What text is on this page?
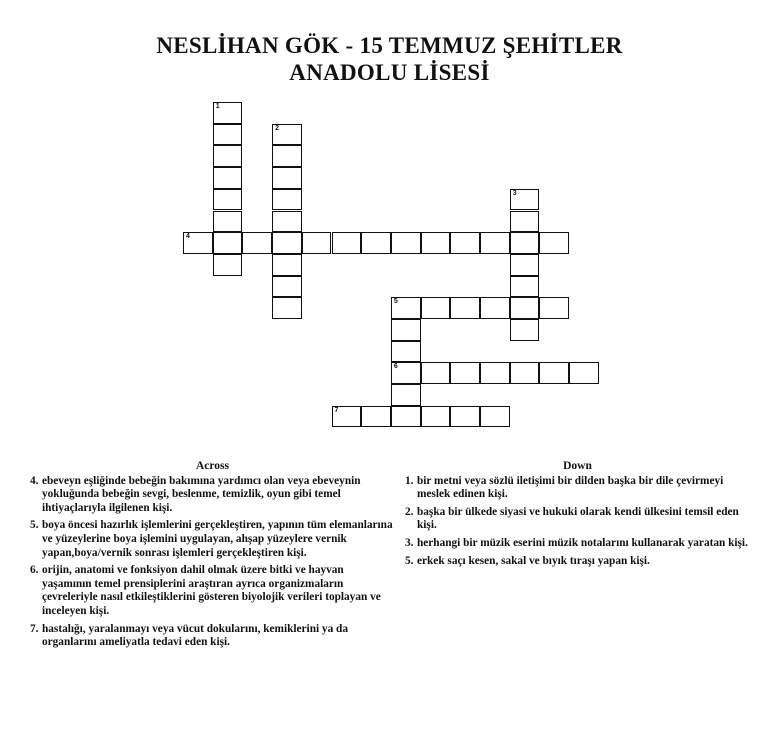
NESLİHAN GÖK - 15 TEMMUZ ŞEHİTLER
ANADOLU LİSESİ
1
2
3
4
5
6
7
Across
4. ebeveyn eşliğinde bebeğin bakımına yardımcı olan veya ebeveynin yokluğunda bebeğin sevgi, beslenme, temizlik, oyun gibi temel ihtiyaçlarıyla ilgilenen kişi.
5. boya öncesi hazırlık işlemlerini gerçekleştiren, yapının tüm elemanlarına ve yüzeylerine boya işlemini uygulayan, ahşap yüzeylere vernik yapan,boya/vernik sonrası işlemleri gerçekleştiren kişi.
6. orijin, anatomi ve fonksiyon dahil olmak üzere bitki ve hayvan yaşamının temel prensiplerini araştıran ayrıca organizmaların çevreleriyle nasıl etkileştiklerini gösteren biyolojik verileri toplayan ve inceleyen kişi.
7. hastalığı, yaralanmayı veya vücut dokularını, kemiklerini ya da organlarını ameliyatla tedavi eden kişi.
Down
1. bir metni veya sözlü iletişimi bir dilden başka bir dile çevirmeyi meslek edinen kişi.
2. başka bir ülkede siyasi ve hukuki olarak kendi ülkesini temsil eden kişi.
3. herhangi bir müzik eserini müzik notalarını kullanarak yaratan kişi.
5. erkek saçı kesen, sakal ve bıyık tıraşı yapan kişi.
